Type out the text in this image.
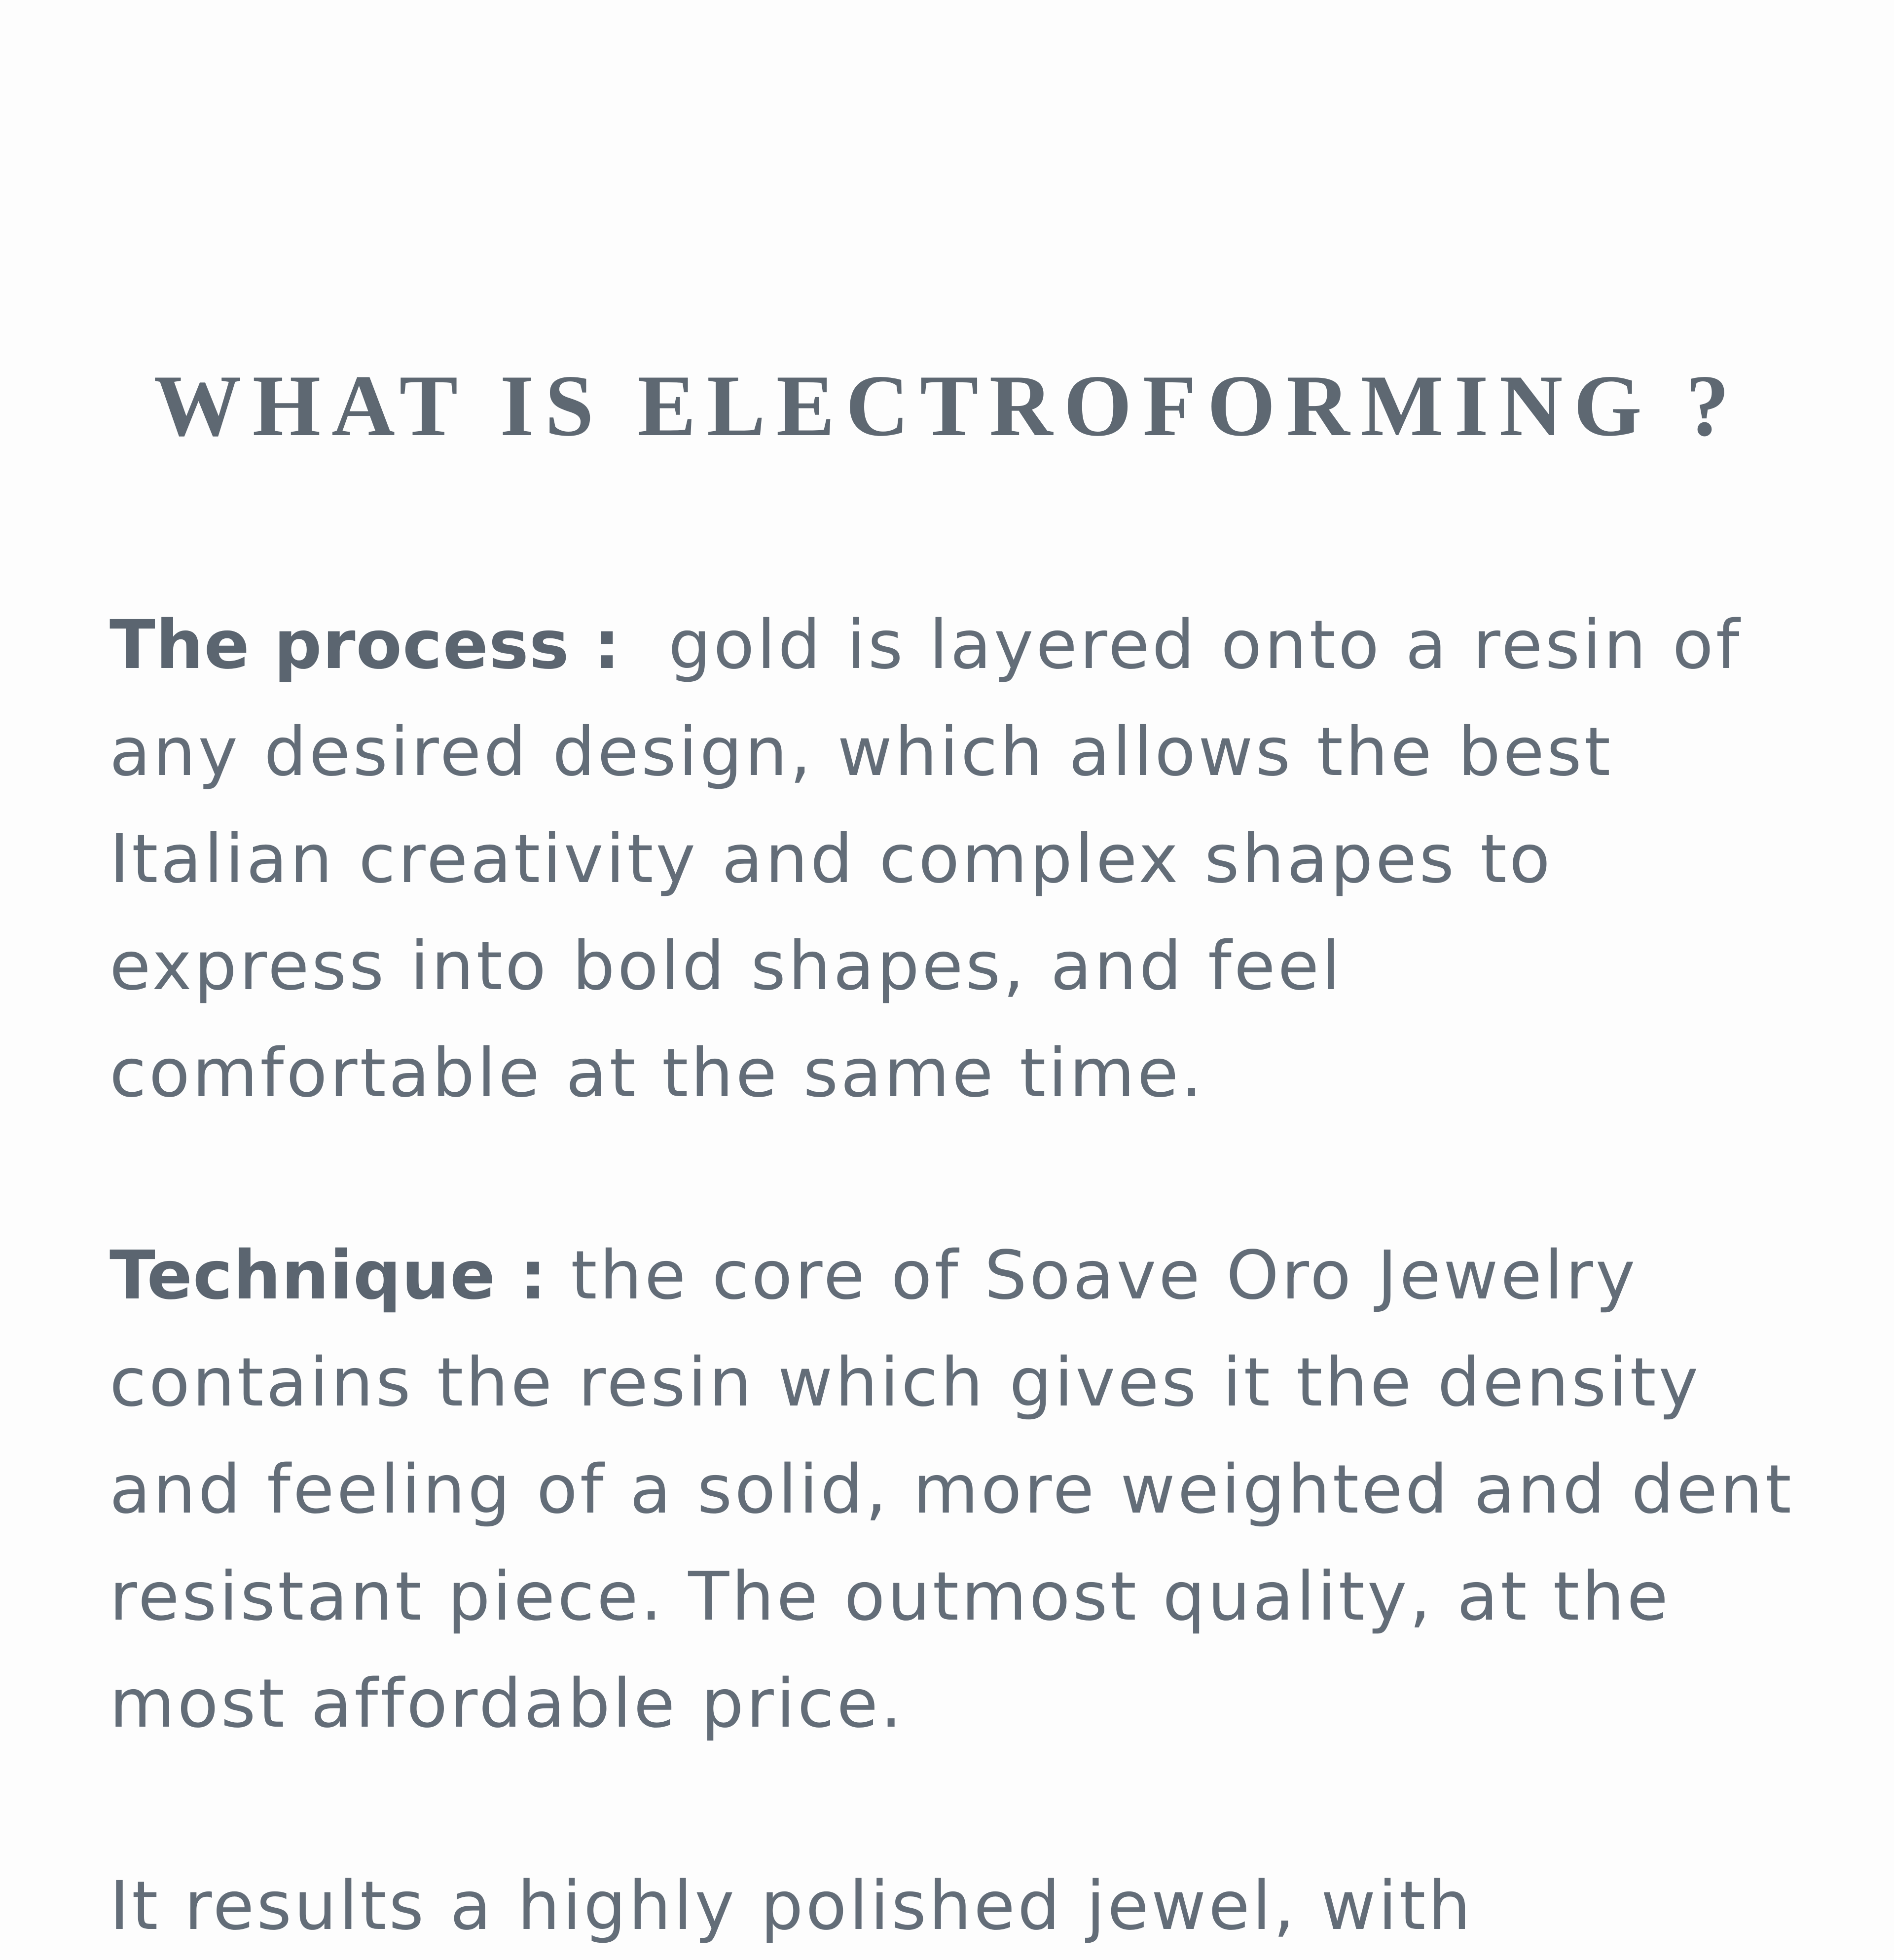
WHAT IS ELECTROFORMING ?

The process : gold is layered onto a resin of
any desired design, which allows the best
Italian creativity and complex shapes to
express into bold shapes, and feel
comfortable at the same time.

Technique : the core of Soave Oro Jewelry
contains the resin which gives it the density
and feeling of a solid, more weighted and dent
resistant piece. The outmost quality, at the
most affordable price.

It results a highly polished jewel, with
